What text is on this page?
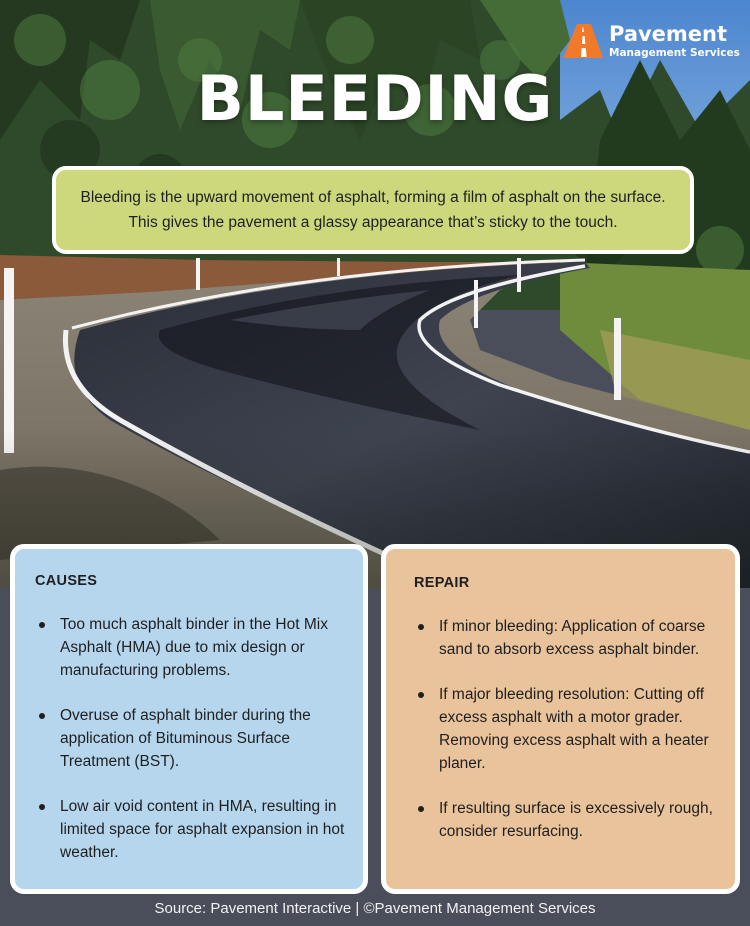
Pavement
Management Services
BLEEDING
Bleeding is the upward movement of asphalt, forming a film of asphalt on the surface.
This gives the pavement a glassy appearance that’s sticky to the touch.
CAUSES
Too much asphalt binder in the Hot Mix Asphalt (HMA) due to mix design or manufacturing problems.
Overuse of asphalt binder during the application of Bituminous Surface Treatment (BST).
Low air void content in HMA, resulting in limited space for asphalt expansion in hot weather.
REPAIR
If minor bleeding: Application of coarse sand to absorb excess asphalt binder.
If major bleeding resolution: Cutting off excess asphalt with a motor grader. Removing excess asphalt with a heater planer.
If resulting surface is excessively rough, consider resurfacing.
Source: Pavement Interactive | ©Pavement Management Services
